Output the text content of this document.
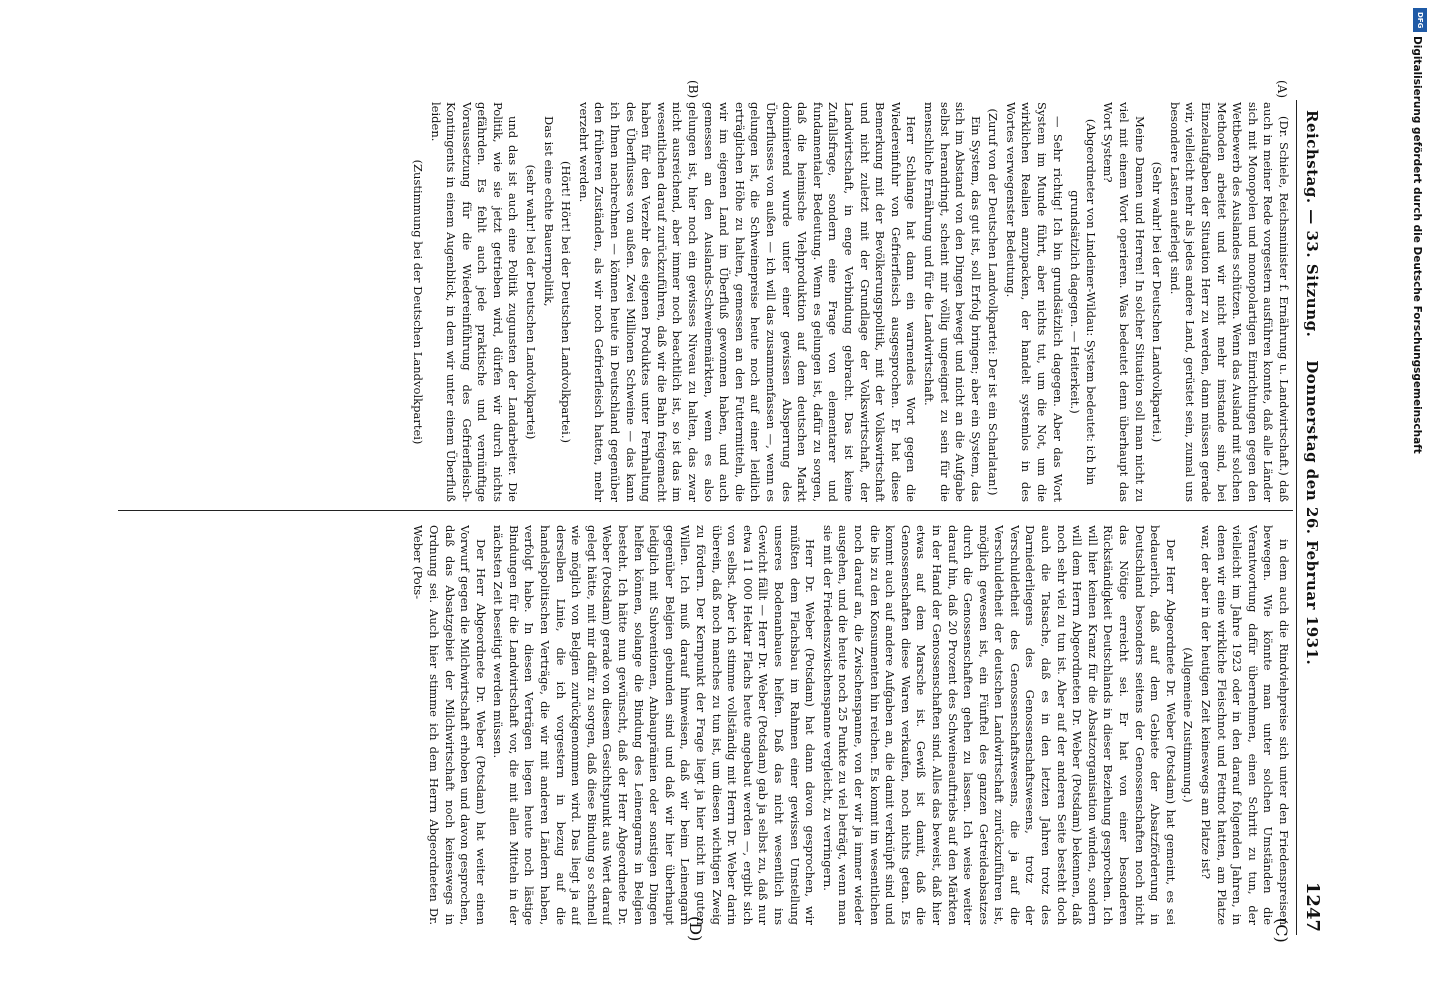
Reichstag. — 33. Sitzung.    Donnerstag den 26. Februar 1931.
1247
(A)
(B)
(C)
(D)

(Dr. Schiele, Reichsminister f. Ernährung u. Landwirtschaft.) daß auch in meiner Rede vorgestern ausführen konnte, daß alle Länder sich mit Monopolen und monopolartigen Einrichtungen gegen den Wettbewerb des Auslandes schützen. Wenn das Ausland mit solchen Methoden arbeitet und wir nicht mehr imstande sind, bei Einzelaufgaben der Situation Herr zu werden, dann müssen gerade wir, vielleicht mehr als jedes andere Land, gerüstet sein, zumal uns besondere Lasten auferlegt sind.

(Sehr wahr! bei der Deutschen Landvolkpartei.)

Meine Damen und Herren! In solcher Situation soll man nicht zu viel mit einem Wort operieren. Was bedeutet denn überhaupt das Wort System?

(Abgeordneter von Lindeiner-Wildau: System bedeutet: ich bin grundsätzlich dagegen. — Heiterkeit.)

— Sehr richtig! Ich bin grundsätzlich dagegen. Aber das Wort System im Munde führt, aber nichts tut, um die Not, um die wirklichen Realien anzupacken, der handelt systemlos in des Wortes verwegenster Bedeutung.

(Zuruf von der Deutschen Landvolkpartei: Der ist ein Scharlatan!)

Ein System, das gut ist, soll Erfolg bringen; aber ein System, das sich im Abstand von den Dingen bewegt und nicht an die Aufgabe selbst herandringt, scheint mir völlig ungeeignet zu sein für die menschliche Ernährung und für die Landwirtschaft.

Herr Schlange hat dann ein warnendes Wort gegen die Wiedereinfuhr von Gefrierfleisch ausgesprochen. Er hat diese Bemerkung mit der Bevölkerungspolitik, mit der Volkswirtschaft und nicht zuletzt mit der Grundlage der Volkswirtschaft, der Landwirtschaft, in enge Verbindung gebracht. Das ist keine Zufallsfrage, sondern eine Frage von elementarer und fundamentaler Bedeutung. Wenn es gelungen ist, dafür zu sorgen, daß die heimische Viehproduktion auf dem deutschen Markt dominierend wurde unter einer gewissen Absperrung des Überflusses von außen — ich will das zusammenfassen —, wenn es gelungen ist, die Schweinepreise heute noch auf einer leidlich erträglichen Höhe zu halten, gemessen an den Futtermitteln, die wir im eigenen Land im Überfluß gewonnen haben, und auch gemessen an den Auslands-Schweinemärkten, wenn es also gelungen ist, hier noch ein gewisses Niveau zu halten, das zwar nicht ausreichend, aber immer noch beachtlich ist, so ist das im wesentlichen darauf zurückzuführen, daß wir die Bahn freigemacht haben für den Verzehr des eigenen Produktes unter Fernhaltung des Überflusses von außen. Zwei Millionen Schweine — das kann ich Ihnen nachrechnen — können heute in Deutschland gegenüber den früheren Zuständen, als wir noch Gefrierfleisch hatten, mehr verzehrt werden.

(Hört! Hört! bei der Deutschen Landvolkpartei.)

Das ist eine echte Bauernpolitik,

(sehr wahr! bei der Deutschen Landvolkpartei)

und das ist auch eine Politik zugunsten der Landarbeiter. Die Politik, wie sie jetzt getrieben wird, dürfen wir durch nichts gefährden. Es fehlt auch jede praktische und vernünftige Voraussetzung für die Wiedereinführung des Gefrierfleisch-Kontingents in einem Augenblick, in dem wir unter einem Überfluß leiden.

(Zustimmung bei der Deutschen Landvolkpartei)

in dem auch die Rindviehpreise sich unter den Friedenspreisen bewegen. Wie könnte man unter solchen Umständen die Verantwortung dafür übernehmen, einen Schritt zu tun, der vielleicht im Jahre 1923 oder in den darauf folgenden Jahren, in denen wir eine wirkliche Fleischnot und Fettnot hatten, am Platze war, der aber in der heutigen Zeit keineswegs am Platze ist?

(Allgemeine Zustimmung.)

Der Herr Abgeordnete Dr. Weber (Potsdam) hat gemeint, es sei bedauerlich, daß auf dem Gebiete der Absatzförderung in Deutschland besonders seitens der Genossenschaften noch nicht das Nötige erreicht sei. Er hat von einer besonderen Rückständigkeit Deutschlands in dieser Beziehung gesprochen. Ich will hier keinen Kranz für die Absatzorganisation winden, sondern will dem Herrn Abgeordneten Dr. Weber (Potsdam) bekennen, daß noch sehr viel zu tun ist. Aber auf der anderen Seite besteht doch auch die Tatsache, daß es in den letzten Jahren trotz des Darniederliegens des Genossenschaftswesens, trotz der Verschuldetheit des Genossenschaftswesens, die ja auf die Verschuldetheit der deutschen Landwirtschaft zurückzuführen ist, möglich gewesen ist, ein Fünftel des ganzen Getreideabsatzes durch die Genossenschaften gehen zu lassen. Ich weise weiter darauf hin, daß 20 Prozent des Schweineauftriebs auf den Märkten in der Hand der Genossenschaften sind. Alles das beweist, daß hier etwas auf dem Marsche ist. Gewiß ist damit, daß die Genossenschaften diese Waren verkaufen, noch nichts getan. Es kommt auch auf andere Aufgaben an, die damit verknüpft sind und die bis zu den Konsumenten hin reichen. Es kommt im wesentlichen noch darauf an, die Zwischenspanne, von der wir ja immer wieder ausgehen, und die heute noch 25 Punkte zu viel beträgt, wenn man sie mit der Friedenszwischenspanne vergleicht, zu verringern.

Herr Dr. Weber (Potsdam) hat dann davon gesprochen, wir müßten dem Flachsbau im Rahmen einer gewissen Umstellung unseres Bodenanbaues helfen. Daß das nicht wesentlich ins Gewicht fällt — Herr Dr. Weber (Potsdam) gab ja selbst zu, daß nur etwa 11 000 Hektar Flachs heute angebaut werden —, ergibt sich von selbst. Aber ich stimme vollständig mit Herrn Dr. Weber darin überein, daß noch manches zu tun ist, um diesen wichtigen Zweig zu fördern. Der Kernpunkt der Frage liegt ja hier nicht im guten Willen. Ich muß darauf hinweisen, daß wir beim Leinengarn gegenüber Belgien gebunden sind und daß wir hier überhaupt lediglich mit Subventionen, Anbauprämien oder sonstigen Dingen helfen können, solange die Bindung des Leinengarns in Belgien besteht. Ich hätte nun gewünscht, daß der Herr Abgeordnete Dr. Weber (Potsdam) gerade von diesem Gesichtspunkt aus Wert darauf gelegt hätte, mit mir dafür zu sorgen, daß diese Bindung so schnell wie möglich von Belgien zurückgenommen wird. Das liegt ja auf derselben Linie, die ich vorgestern in bezug auf die handelspolitischen Verträge, die wir mit anderen Ländern haben, verfolgt habe. In diesen Verträgen liegen heute noch lästige Bindungen für die Landwirtschaft vor, die mit allen Mitteln in der nächsten Zeit beseitigt werden müssen.

Der Herr Abgeordnete Dr. Weber (Potsdam) hat weiter einen Vorwurf gegen die Milchwirtschaft erhoben und davon gesprochen, daß das Absatzgebiet der Milchwirtschaft noch keineswegs in Ordnung sei. Auch hier stimme ich dem Herrn Abgeordneten Dr. Weber (Pots-

DFG
Digitalisierung gefördert durch die Deutsche Forschungsgemeinschaft
